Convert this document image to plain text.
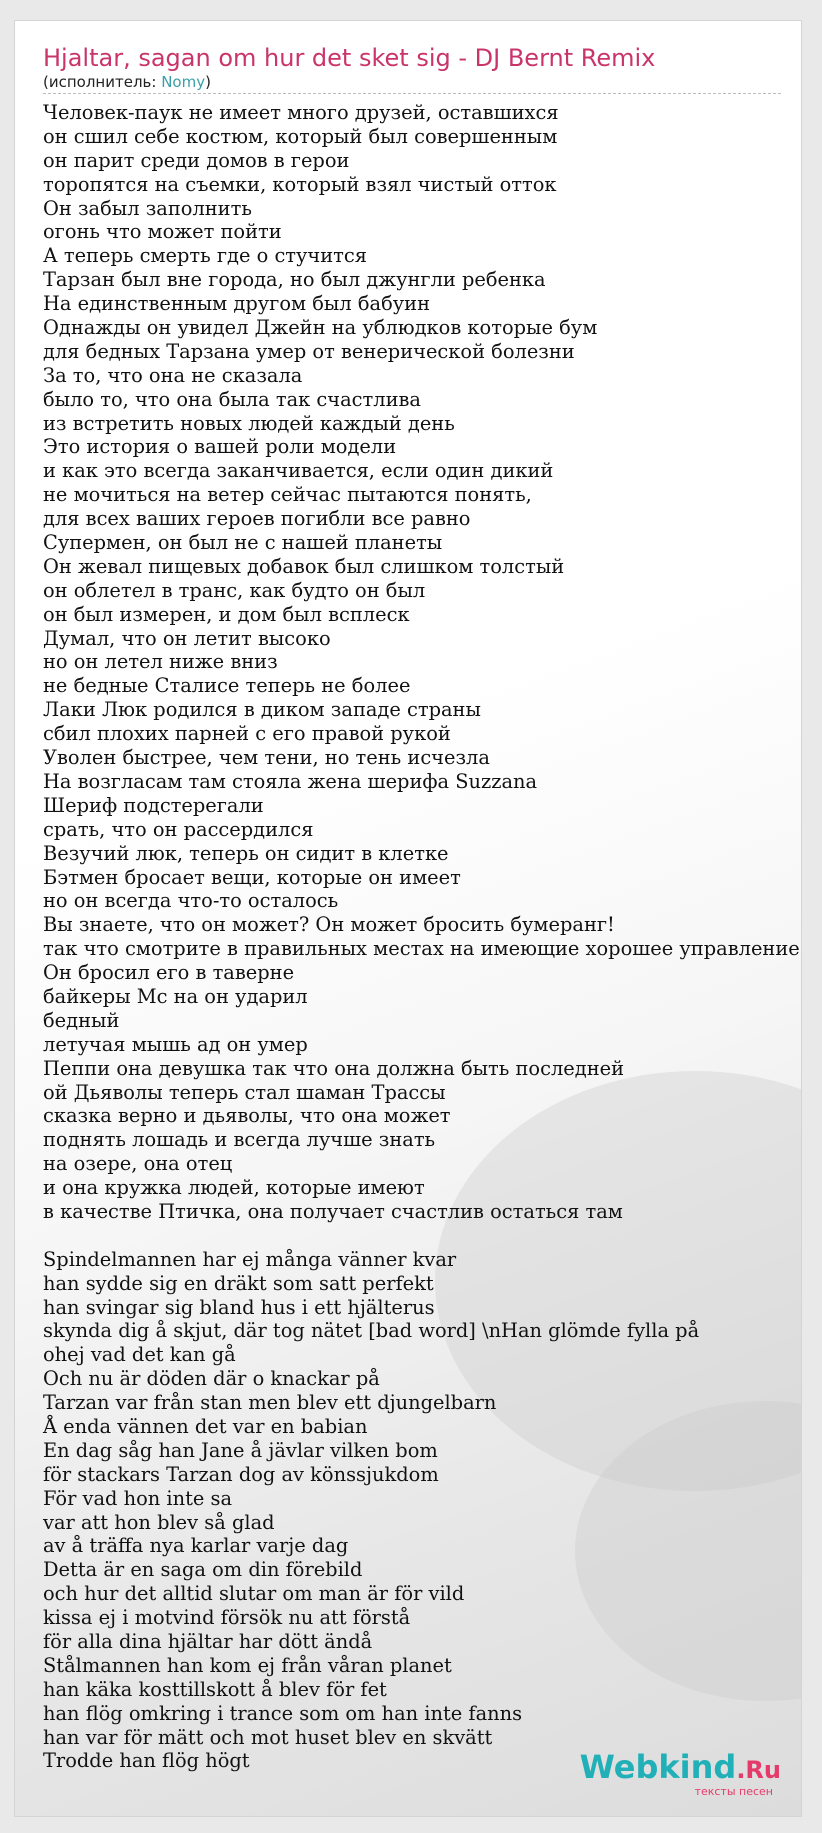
Hjaltar, sagan om hur det sket sig - DJ Bernt Remix
(исполнитель: Nomy)
Человек-паук не имеет много друзей, оставшихся
он сшил себе костюм, который был совершенным
он парит среди домов в герои
торопятся на съемки, который взял чистый отток
Он забыл заполнить
огонь что может пойти
А теперь смерть где о стучится
Тарзан был вне города, но был джунгли ребенка
На единственным другом был бабуин
Однажды он увидел Джейн на ублюдков которые бум
для бедных Тарзана умер от венерической болезни
За то, что она не сказала
было то, что она была так счастлива
из встретить новых людей каждый день
Это история о вашей роли модели
и как это всегда заканчивается, если один дикий
не мочиться на ветер сейчас пытаются понять,
для всех ваших героев погибли все равно
Супермен, он был не с нашей планеты
Он жевал пищевых добавок был слишком толстый
он облетел в транс, как будто он был
он был измерен, и дом был всплеск
Думал, что он летит высоко
но он летел ниже вниз
не бедные Сталисе теперь не более
Лаки Люк родился в диком западе страны
сбил плохих парней с его правой рукой
Уволен быстрее, чем тени, но тень исчезла
На возгласам там стояла жена шерифа Suzzana
Шериф подстерегали
срать, что он рассердился
Везучий люк, теперь он сидит в клетке
Бэтмен бросает вещи, которые он имеет
но он всегда что-то осталось
Вы знаете, что он может? Он может бросить бумеранг!
так что смотрите в правильных местах на имеющие хорошее управление
Он бросил его в таверне
байкеры Мс на он ударил
бедный
летучая мышь ад он умер
Пеппи она девушка так что она должна быть последней
ой Дьяволы теперь стал шаман Трассы
сказка верно и дьяволы, что она может
поднять лошадь и всегда лучше знать
на озере, она отец
и она кружка людей, которые имеют
в качестве Птичка, она получает счастлив остаться там
Spindelmannen har ej många vänner kvar
han sydde sig en dräkt som satt perfekt
han svingar sig bland hus i ett hjälterus
skynda dig å skjut, där tog nätet [bad word] \nHan glömde fylla på
ohej vad det kan gå
Och nu är döden där o knackar på
Tarzan var från stan men blev ett djungelbarn
Å enda vännen det var en babian
En dag såg han Jane å jävlar vilken bom
för stackars Tarzan dog av könssjukdom
För vad hon inte sa
var att hon blev så glad
av å träffa nya karlar varje dag
Detta är en saga om din förebild
och hur det alltid slutar om man är för vild
kissa ej i motvind försök nu att förstå
för alla dina hjältar har dött ändå
Stålmannen han kom ej från våran planet
han käka kosttillskott å blev för fet
han flög omkring i trance som om han inte fanns
han var för mätt och mot huset blev en skvätt
Trodde han flög högt	Webkind.Ru
тексты песен
